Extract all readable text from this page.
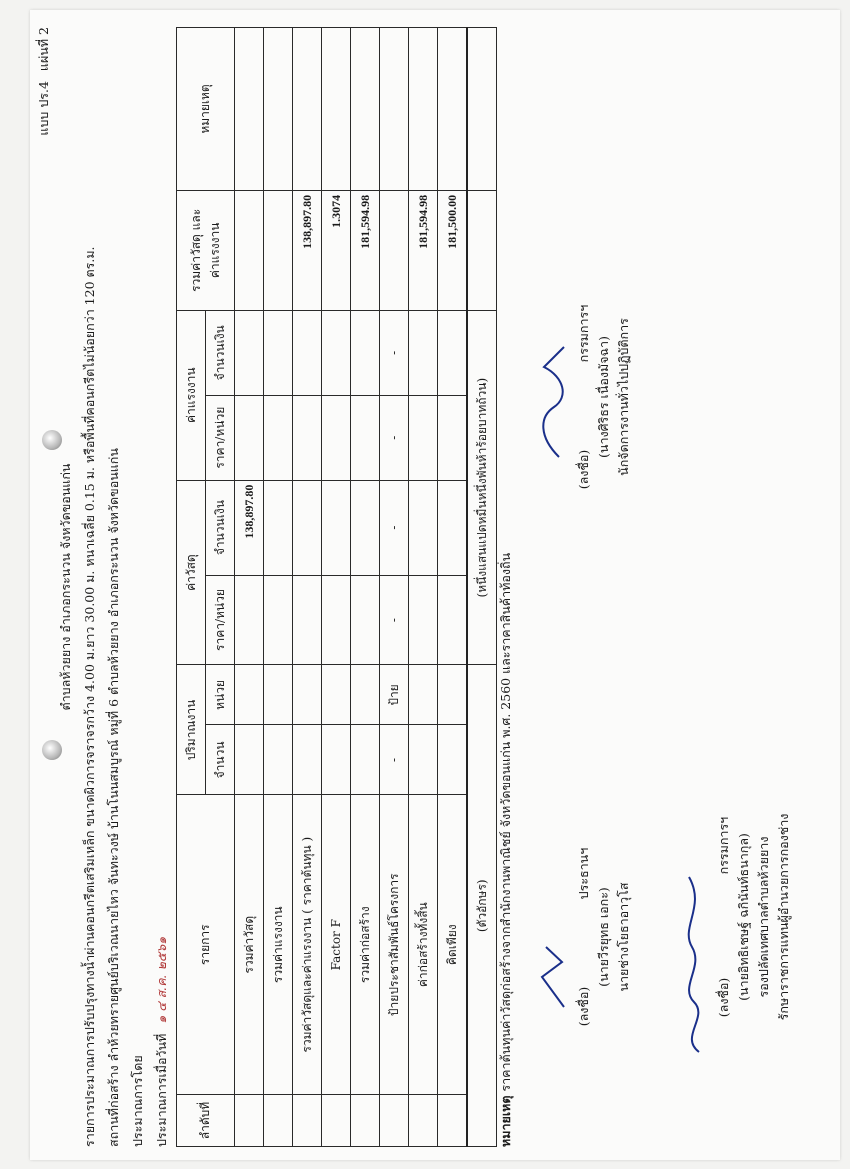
แบบ ปร.4 แผ่นที่ 2
ตำบลห้วยยาง อำเภอกระนวน จังหวัดขอนแก่น รายการประมาณการปรับปรุงทางน้ำผ่านคอนกรีตเสริมเหล็ก ขนาดผิวการจราจรกว้าง 4.00 ม.ยาว 30.00 ม. หนาเฉลี่ย 0.15 ม. หรือพื้นที่คอนกรีตไม่น้อยกว่า 120 ตร.ม. สถานที่ก่อสร้าง ลำห้วยทรายศูนย์บริเวณนายไหว จันทะวงษ์ บ้านโนนสมบูรณ์ หมู่ที่ 6 ตำบลห้วยยาง อำเภอกระนวน จังหวัดขอนแก่น ประมาณการโดย ประมาณการเมื่อวันที่ ๑ ๔ ส.ค. ๒๕๖๑
ลำดับที่	รายการ	ปริมาณงาน		ค่าวัสดุ		ค่าแรงงาน		รวมค่าวัสดุ และค่าแรงงาน	หมายเหตุ
		จำนวน	หน่วย	ราคา/หน่วย	จำนวนเงิน	ราคา/หน่วย	จำนวนเงิน		
	รวมค่าวัสดุ				138,897.80				
	รวมค่าแรงงาน								
	รวมค่าวัสดุและค่าแรงงาน ( ราคาต้นทุน )							138,897.80	
	Factor F							1.3074	
	รวมค่าก่อสร้าง							181,594.98	
	ป้ายประชาสัมพันธ์โครงการ	-	ป้าย	-	-	-	-		
	ค่าก่อสร้างทั้งสิ้น							181,594.98	
	คิดเพียง							181,500.00	
(ตัวอักษร)				(หนึ่งแสนแปดหมื่นหนึ่งพันห้าร้อยบาทถ้วน)					
หมายเหตุ ราคาต้นทุนค่าวัสดุก่อสร้างจากสำนักงานพาณิชย์ จังหวัดขอนแก่น พ.ศ. 2560 และราคาสินค้าท้องถิ่น	(ลงชื่อ)                      ประธานฯ
(นายวีรยุทธ เอกะ) นายช่างโยธาอาวุโส
(ลงชื่อ)                      กรรมการฯ
(นางศิริธร เนื่องมัจฉา) นักจัดการงานทั่วไปปฏิบัติการ
(ลงชื่อ)                          กรรมการฯ (นายอิทธิเชษฐ์ ฉกินันท์ธนากุล) รองปลัดเทศบาลตำบลห้วยยาง รักษาราชการแทนผู้อำนวยการกองช่าง
